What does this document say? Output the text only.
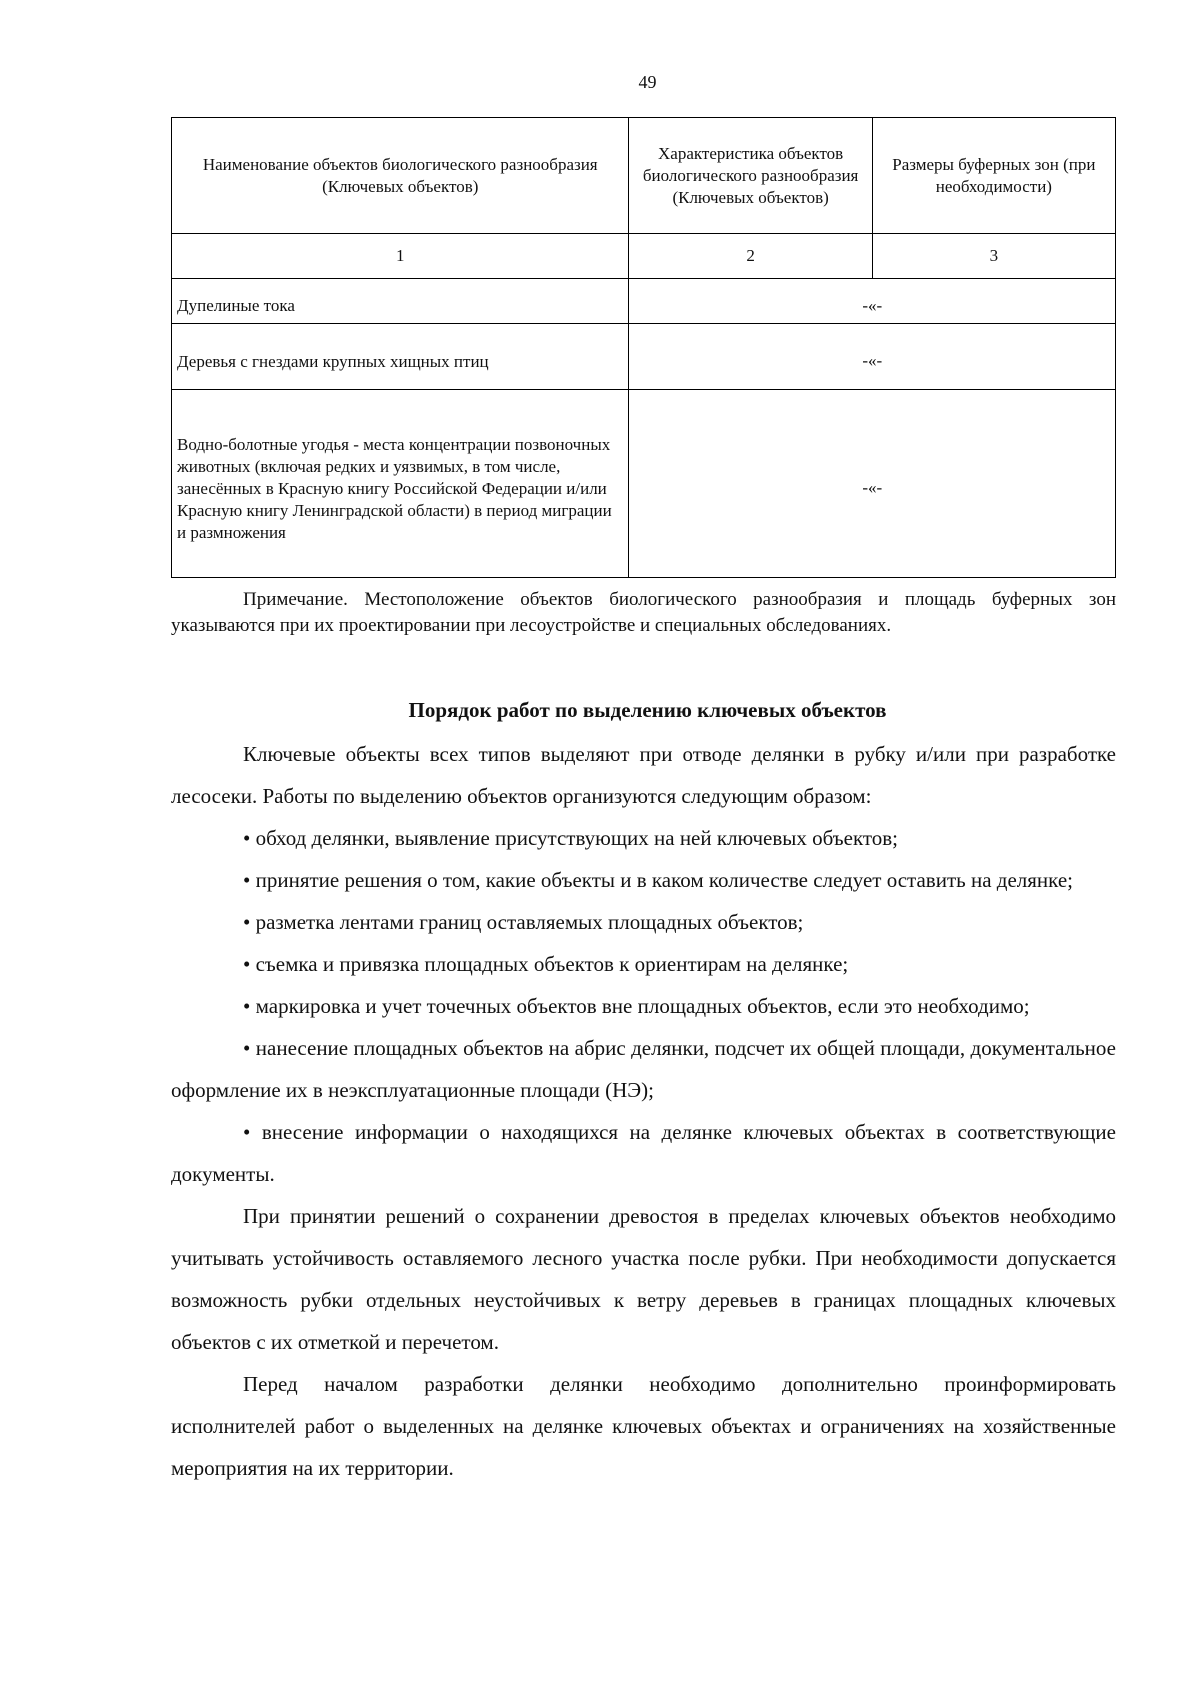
49
Наименование объектов биологического разнообразия (Ключевых объектов)	Характеристика объектов биологического разнообразия (Ключевых объектов)	Размеры буферных зон (при необходимости)
1	2	3
Дупелиные тока	-«-	
Деревья с гнездами крупных хищных птиц	-«-	
Водно-болотные угодья - места концентрации позвоночных животных (включая редких и уязвимых, в том числе, занесённых в Красную книгу Российской Федерации и/или Красную книгу Ленинградской области) в период миграции и размножения	-«-	

Примечание. Местоположение объектов биологического разнообразия и площадь буферных зон указываются при их проектировании при лесоустройстве и специальных обследованиях.

Порядок работ по выделению ключевых объектов

Ключевые объекты всех типов выделяют при отводе делянки в рубку и/или при разработке лесосеки. Работы по выделению объектов организуются следующим образом:

• обход делянки, выявление присутствующих на ней ключевых объектов;

• принятие решения о том, какие объекты и в каком количестве следует оставить на делянке;

• разметка лентами границ оставляемых площадных объектов;

• съемка и привязка площадных объектов к ориентирам на делянке;

• маркировка и учет точечных объектов вне площадных объектов, если это необходимо;

• нанесение площадных объектов на абрис делянки, подсчет их общей площади, документальное оформление их в неэксплуатационные площади (НЭ);

• внесение информации о находящихся на делянке ключевых объектах в соответствующие документы.

При принятии решений о сохранении древостоя в пределах ключевых объектов необходимо учитывать устойчивость оставляемого лесного участка после рубки. При необходимости допускается возможность рубки отдельных неустойчивых к ветру деревьев в границах площадных ключевых объектов с их отметкой и перечетом.

Перед началом разработки делянки необходимо дополнительно проинформировать исполнителей работ о выделенных на делянке ключевых объектах и ограничениях на хозяйственные мероприятия на их территории.
